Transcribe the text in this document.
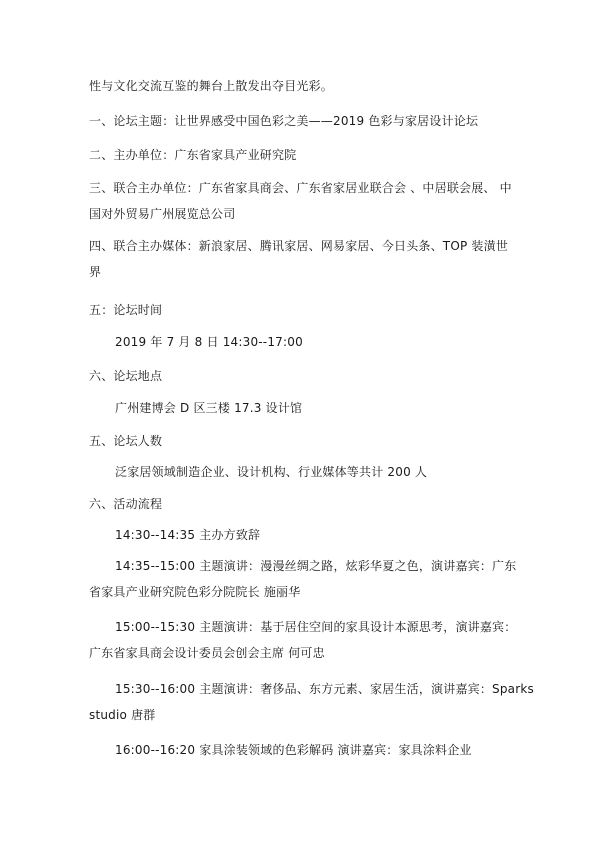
性与文化交流互鉴的舞台上散发出夺目光彩。
一、论坛主题：让世界感受中国色彩之美——2019 色彩与家居设计论坛
二、主办单位：广东省家具产业研究院
三、联合主办单位：广东省家具商会、广东省家居业联合会 、中居联会展、 中
国对外贸易广州展览总公司
四、联合主办媒体：新浪家居、腾讯家居、网易家居、今日头条、TOP 装潢世
界
五：论坛时间
2019 年 7 月 8 日 14:30--17:00
六、论坛地点
广州建博会 D 区三楼 17.3 设计馆
五、论坛人数
泛家居领域制造企业、设计机构、行业媒体等共计 200 人
六、活动流程
14:30--14:35 主办方致辞
14:35--15:00 主题演讲：漫漫丝绸之路，炫彩华夏之色，演讲嘉宾：广东
省家具产业研究院色彩分院院长 施丽华
15:00--15:30 主题演讲：基于居住空间的家具设计本源思考，演讲嘉宾：
广东省家具商会设计委员会创会主席 何可忠
15:30--16:00 主题演讲：奢侈品、东方元素、家居生活，演讲嘉宾：Sparks
studio 唐群
16:00--16:20 家具涂装领域的色彩解码 演讲嘉宾：家具涂料企业
